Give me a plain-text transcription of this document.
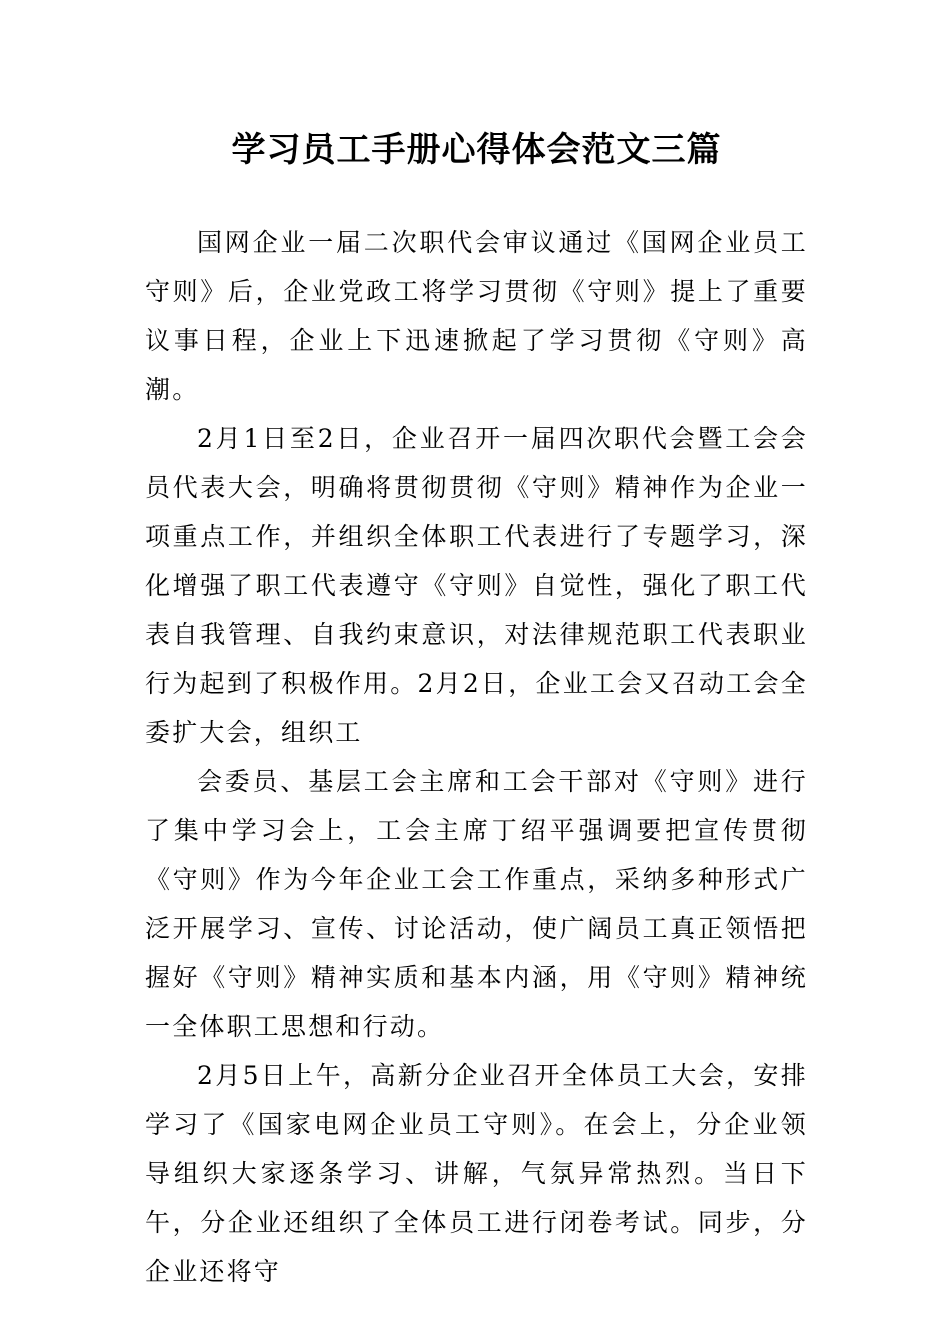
学习员工手册心得体会范文三篇

国网企业一届二次职代会审议通过《国网企业员工守则》后，企业党政工将学习贯彻《守则》提上了重要议事日程，企业上下迅速掀起了学习贯彻《守则》高潮。

2月1日至2日，企业召开一届四次职代会暨工会会员代表大会，明确将贯彻贯彻《守则》精神作为企业一项重点工作，并组织全体职工代表进行了专题学习，深化增强了职工代表遵守《守则》自觉性，强化了职工代表自我管理、自我约束意识，对法律规范职工代表职业行为起到了积极作用。2月2日，企业工会又召动工会全委扩大会，组织工

会委员、基层工会主席和工会干部对《守则》进行了集中学习会上，工会主席丁绍平强调要把宣传贯彻《守则》作为今年企业工会工作重点，采纳多种形式广泛开展学习、宣传、讨论活动，使广阔员工真正领悟把握好《守则》精神实质和基本内涵，用《守则》精神统一全体职工思想和行动。

2月5日上午，高新分企业召开全体员工大会，安排学习了《国家电网企业员工守则》。在会上，分企业领导组织大家逐条学习、讲解，气氛异常热烈。当日下午，分企业还组织了全体员工进行闭卷考试。同步，分企业还将守
